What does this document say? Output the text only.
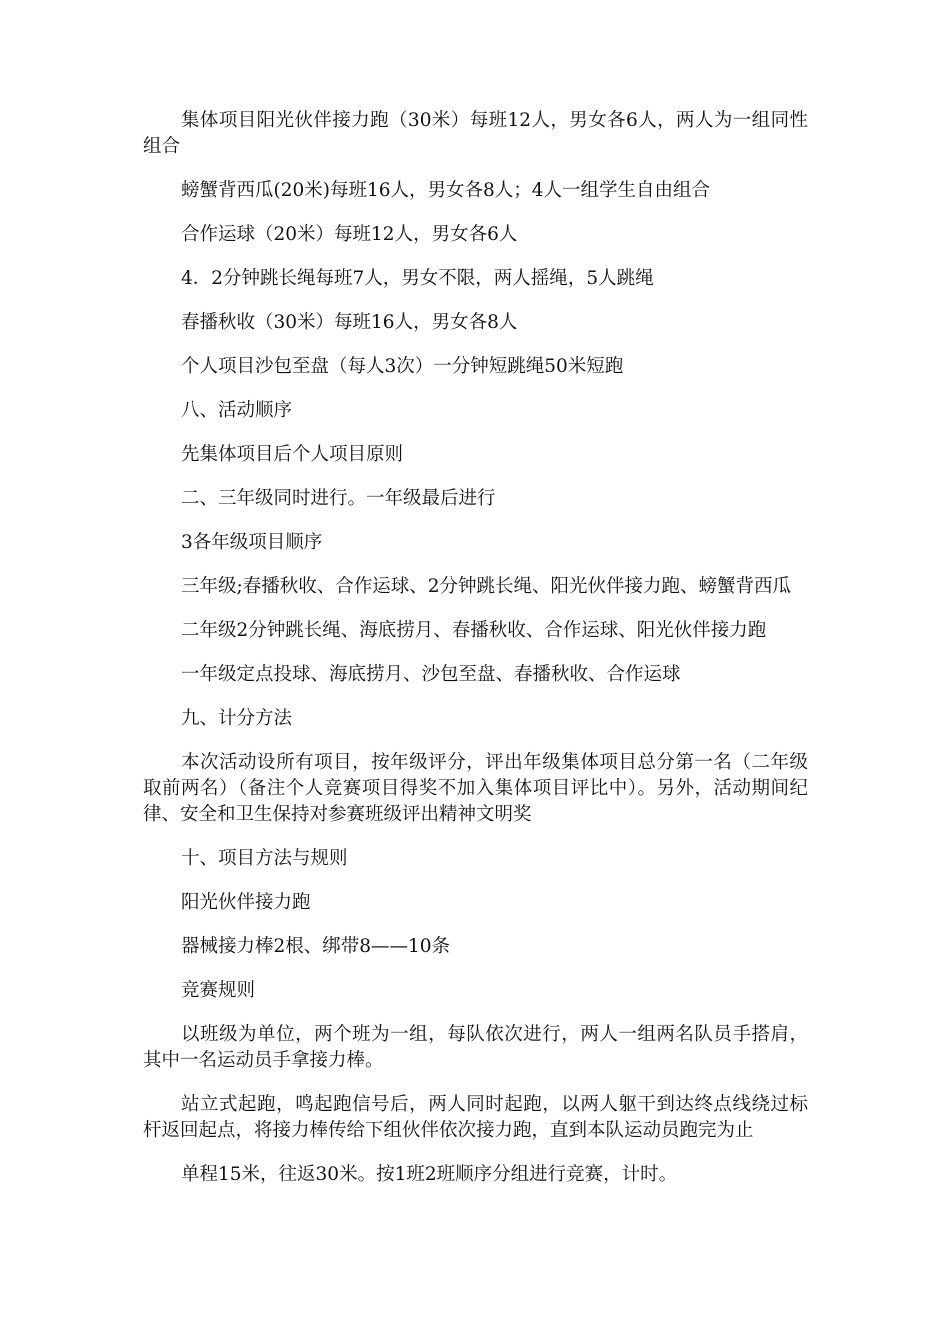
集体项目阳光伙伴接力跑（30米）每班12人，男女各6人，两人为一组同性组合

螃蟹背西瓜(20米)每班16人，男女各8人；4人一组学生自由组合

合作运球（20米）每班12人，男女各6人

4．2分钟跳长绳每班7人，男女不限，两人摇绳，5人跳绳

春播秋收（30米）每班16人，男女各8人

个人项目沙包至盘（每人3次）一分钟短跳绳50米短跑

八、活动顺序

先集体项目后个人项目原则

二、三年级同时进行。一年级最后进行

3各年级项目顺序

三年级;春播秋收、合作运球、2分钟跳长绳、阳光伙伴接力跑、螃蟹背西瓜

二年级2分钟跳长绳、海底捞月、春播秋收、合作运球、阳光伙伴接力跑

一年级定点投球、海底捞月、沙包至盘、春播秋收、合作运球

九、计分方法

本次活动设所有项目，按年级评分，评出年级集体项目总分第一名（二年级取前两名）（备注个人竞赛项目得奖不加入集体项目评比中）。另外，活动期间纪律、安全和卫生保持对参赛班级评出精神文明奖

十、项目方法与规则

阳光伙伴接力跑

器械接力棒2根、绑带8——10条

竞赛规则

以班级为单位，两个班为一组，每队依次进行，两人一组两名队员手搭肩，其中一名运动员手拿接力棒。

站立式起跑，鸣起跑信号后，两人同时起跑，以两人躯干到达终点线绕过标杆返回起点，将接力棒传给下组伙伴依次接力跑，直到本队运动员跑完为止

单程15米，往返30米。按1班2班顺序分组进行竞赛，计时。
